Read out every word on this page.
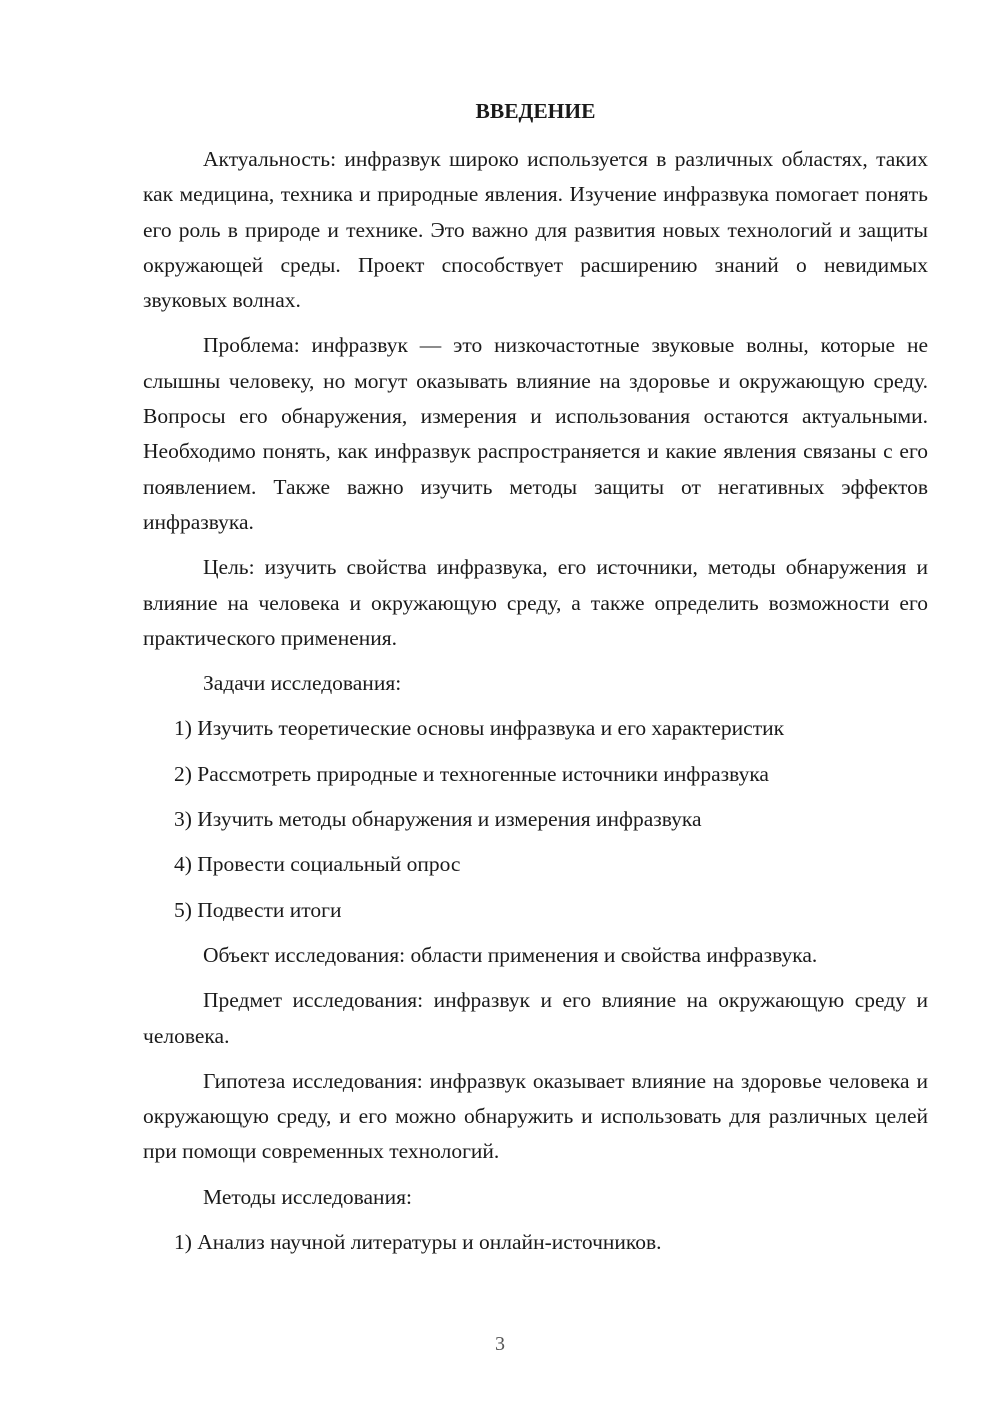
ВВЕДЕНИЕ

Актуальность: инфразвук широко используется в различных областях, таких как медицина, техника и природные явления. Изучение инфразвука помогает понять его роль в природе и технике. Это важно для развития новых технологий и защиты окружающей среды. Проект способствует расширению знаний о невидимых звуковых волнах.

Проблема: инфразвук — это низкочастотные звуковые волны, которые не слышны человеку, но могут оказывать влияние на здоровье и окружающую среду. Вопросы его обнаружения, измерения и использования остаются актуальными. Необходимо понять, как инфразвук распространяется и какие явления связаны с его появлением. Также важно изучить методы защиты от негативных эффектов инфразвука.

Цель: изучить свойства инфразвука, его источники, методы обнаружения и влияние на человека и окружающую среду, а также определить возможности его практического применения.

Задачи исследования:
1) Изучить теоретические основы инфразвука и его характеристик
2) Рассмотреть природные и техногенные источники инфразвука
3) Изучить методы обнаружения и измерения инфразвука
4) Провести социальный опрос
5) Подвести итоги

Объект исследования: области применения и свойства инфразвука.

Предмет исследования: инфразвук и его влияние на окружающую среду и человека.

Гипотеза исследования: инфразвук оказывает влияние на здоровье человека и окружающую среду, и его можно обнаружить и использовать для различных целей при помощи современных технологий.

Методы исследования:
1) Анализ научной литературы и онлайн-источников.
3
